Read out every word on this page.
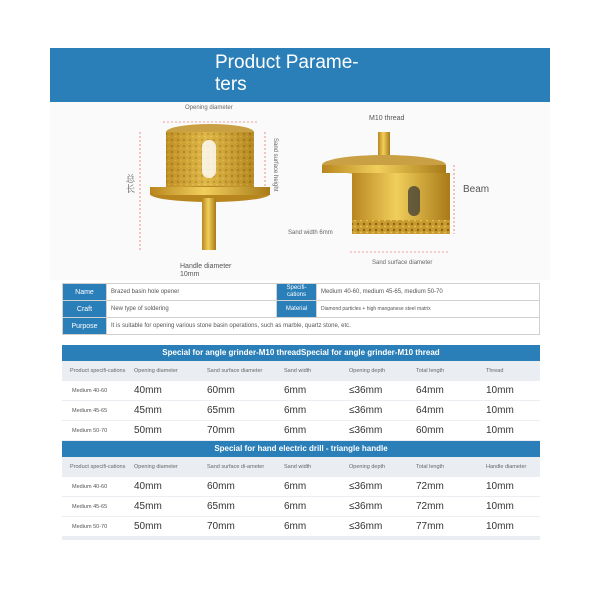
Product Parame-ters
Opening diameter
总长	Sand surface height
Handle diameter
10mm
M10 thread
Beam
Sand width 6mm
Sand surface diameter
Name	Brazed basin hole opener	Specifi-cations	Medium 40-60, medium 45-65, medium 50-70
Craft	New type of soldering	Material	Diamond particles + high manganese steel matrix
Purpose	It is suitable for opening various stone basin operations, such as marble, quartz stone, etc.		
Special for angle grinder-M10 threadSpecial for angle grinder-M10 thread
Product specifi-cations	Opening diameter	Sand surface diameter	Sand width	Opening depth	Total length	Thread
Medium 40-60	40mm	60mm	6mm	≤36mm	64mm	10mm
Medium 45-65	45mm	65mm	6mm	≤36mm	64mm	10mm
Medium 50-70	50mm	70mm	6mm	≤36mm	60mm	10mm
Special for hand electric drill - triangle handle
Product specifi-cations	Opening diameter	Sand surface di-ameter	Sand width	Opening depth	Total length	Handle diameter
Medium 40-60	40mm	60mm	6mm	≤36mm	72mm	10mm
Medium 45-65	45mm	65mm	6mm	≤36mm	72mm	10mm
Medium 50-70	50mm	70mm	6mm	≤36mm	77mm	10mm
